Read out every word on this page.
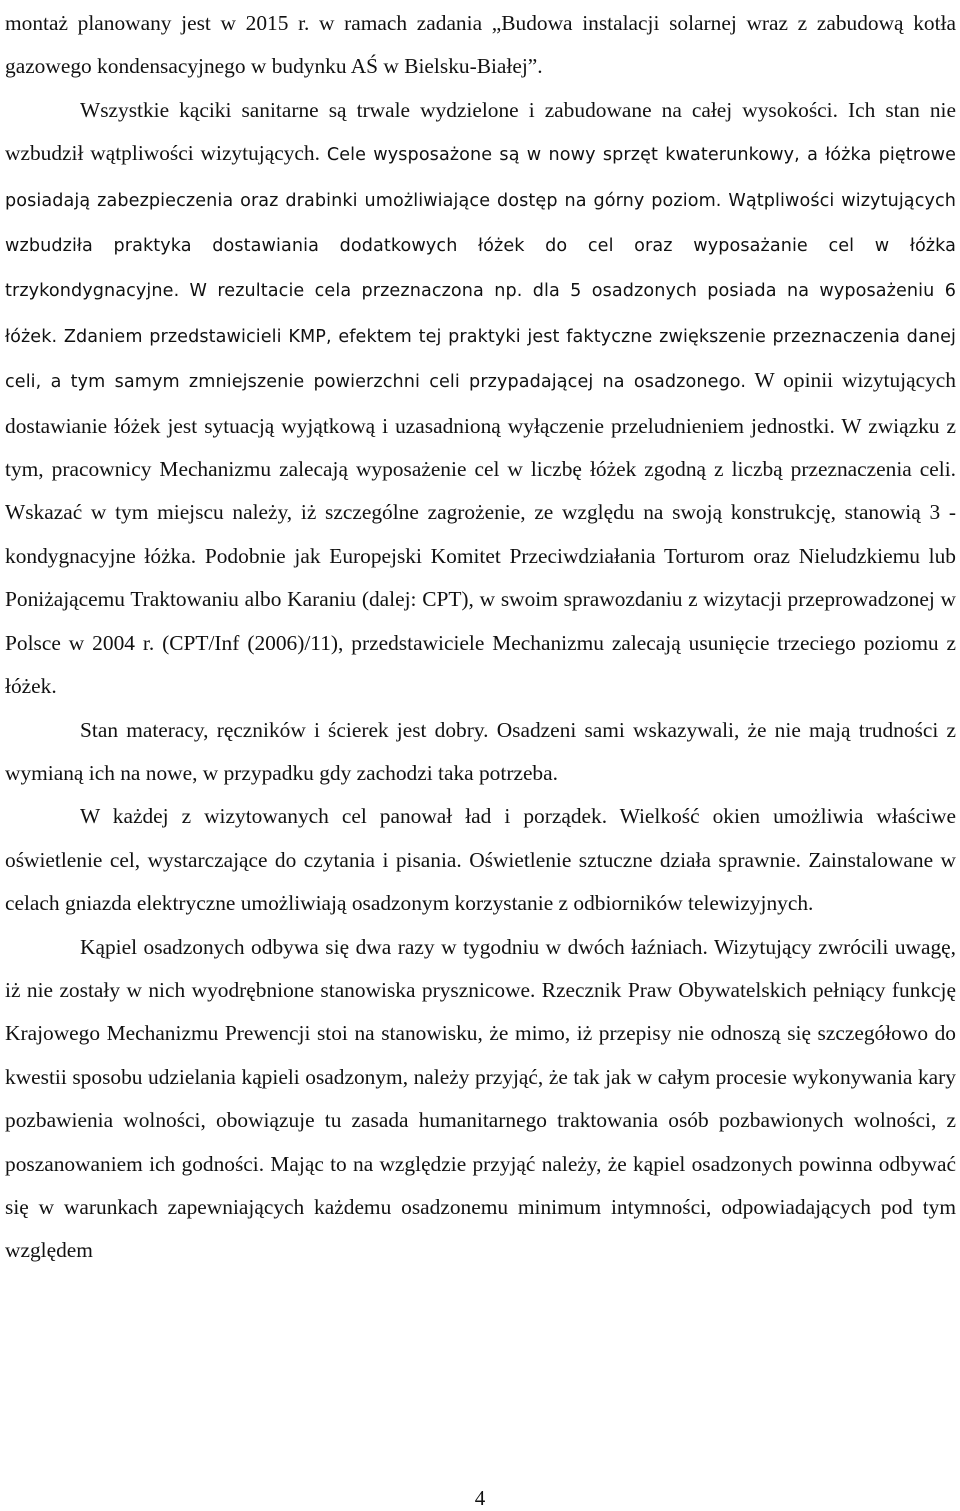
montaż planowany jest w 2015 r. w ramach zadania „Budowa instalacji solarnej wraz z zabudową kotła gazowego kondensacyjnego w budynku AŚ w Bielsku-Białej”.

Wszystkie kąciki sanitarne są trwale wydzielone i zabudowane na całej wysokości. Ich stan nie wzbudził wątpliwości wizytujących. Cele wysposażone są w nowy sprzęt kwaterunkowy, a łóżka piętrowe posiadają zabezpieczenia oraz drabinki umożliwiające dostęp na górny poziom. Wątpliwości wizytujących wzbudziła praktyka dostawiania dodatkowych łóżek do cel oraz wyposażanie cel w łóżka trzykondygnacyjne. W rezultacie cela przeznaczona np. dla 5 osadzonych posiada na wyposażeniu 6 łóżek. Zdaniem przedstawicieli KMP, efektem tej praktyki jest faktyczne zwiększenie przeznaczenia danej celi, a tym samym zmniejszenie powierzchni celi przypadającej na osadzonego. W opinii wizytujących dostawianie łóżek jest sytuacją wyjątkową i uzasadnioną wyłączenie przeludnieniem jednostki. W związku z tym, pracownicy Mechanizmu zalecają wyposażenie cel w liczbę łóżek zgodną z liczbą przeznaczenia celi. Wskazać w tym miejscu należy, iż szczególne zagrożenie, ze względu na swoją konstrukcję, stanowią 3 - kondygnacyjne łóżka. Podobnie jak Europejski Komitet Przeciwdziałania Torturom oraz Nieludzkiemu lub Poniżającemu Traktowaniu albo Karaniu (dalej: CPT), w swoim sprawozdaniu z wizytacji przeprowadzonej w Polsce w 2004 r. (CPT/Inf (2006)/11), przedstawiciele Mechanizmu zalecają usunięcie trzeciego poziomu z łóżek.

Stan materacy, ręczników i ścierek jest dobry. Osadzeni sami wskazywali, że nie mają trudności z wymianą ich na nowe, w przypadku gdy zachodzi taka potrzeba.

W każdej z wizytowanych cel panował ład i porządek. Wielkość okien umożliwia właściwe oświetlenie cel, wystarczające do czytania i pisania. Oświetlenie sztuczne działa sprawnie. Zainstalowane w celach gniazda elektryczne umożliwiają osadzonym korzystanie z odbiorników telewizyjnych.

Kąpiel osadzonych odbywa się dwa razy w tygodniu w dwóch łaźniach. Wizytujący zwrócili uwagę, iż nie zostały w nich wyodrębnione stanowiska prysznicowe. Rzecznik Praw Obywatelskich pełniący funkcję Krajowego Mechanizmu Prewencji stoi na stanowisku, że mimo, iż przepisy nie odnoszą się szczegółowo do kwestii sposobu udzielania kąpieli osadzonym, należy przyjąć, że tak jak w całym procesie wykonywania kary pozbawienia wolności, obowiązuje tu zasada humanitarnego traktowania osób pozbawionych wolności, z poszanowaniem ich godności. Mając to na względzie przyjąć należy, że kąpiel osadzonych powinna odbywać się w warunkach zapewniających każdemu osadzonemu minimum intymności, odpowiadających pod tym względem

4
